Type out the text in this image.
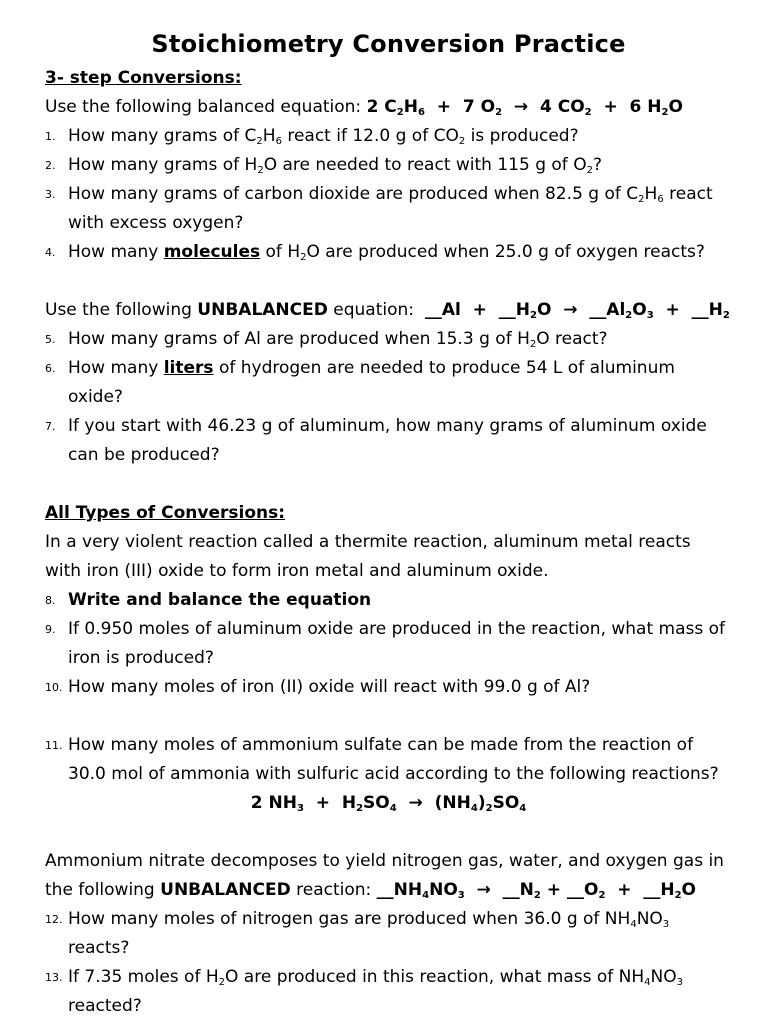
Stoichiometry Conversion Practice
3- step Conversions:
Use the following balanced equation: 2 $C_2H_6 + 7$ $O_2 \to 4$ $CO_2 + 6$ $H_2O$
1. How many grams of $C_2H_6$ react if 12.0 g of $CO_2$ is produced?
2. How many grams of $H_2O$ are needed to react with 115 g of $O_2$?
3. How many grams of carbon dioxide are produced when 82.5 g of $C_2H_6$ react with excess oxygen?
4. How many molecules of $H_2O$ are produced when 25.0 g of oxygen reacts?
Use the following UNBALANCED equation:  __Al  +  $\_\_H_2O$  →  $\_\_Al_2O_3$  +  $\_\_H_2$
5. How many grams of Al are produced when 15.3 g of $H_2O$ react?
6. How many liters of hydrogen are needed to produce 54 L of aluminum oxide?
7. If you start with 46.23 g of aluminum, how many grams of aluminum oxide can be produced?
All Types of Conversions:
In a very violent reaction called a thermite reaction, aluminum metal reacts with iron (III) oxide to form iron metal and aluminum oxide.
8. Write and balance the equation
9. If 0.950 moles of aluminum oxide are produced in the reaction, what mass of iron is produced?
10. How many moles of iron (II) oxide will react with 99.0 g of Al?
11. How many moles of ammonium sulfate can be made from the reaction of 30.0 mol of ammonia with sulfuric acid according to the following reactions?
2 $NH_3 + H_2SO_4 \to (NH_4)_2SO_4$
Ammonium nitrate decomposes to yield nitrogen gas, water, and oxygen gas in the following UNBALANCED reaction: $\_\_NH_4NO_3$  →  $\_\_N_2$ + $\_\_O_2$  +  $\_\_H_2O$
12. How many moles of nitrogen gas are produced when 36.0 g of $NH_4NO_3$ reacts?
13. If 7.35 moles of $H_2O$ are produced in this reaction, what mass of $NH_4NO_3$ reacted?
